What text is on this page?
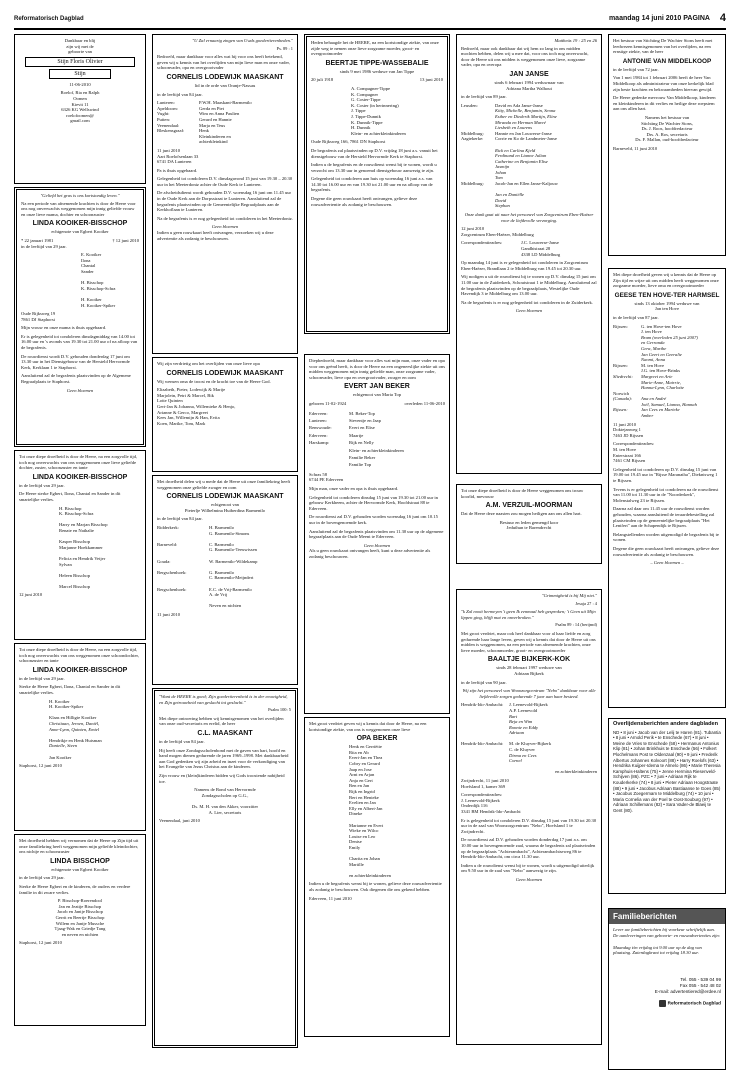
Reformatorisch Dagblad	maandag 14 juni 2010 PAGINA 4
Dankbaar en blij
zijn wij met de
geboorte van
Stijn Floris Olivier
Stijn
11-06-2010
Roelof, Ria en Ralph
Oomen
Kievit 11
6326 KG Wellswind
roelofoomen@
gmail.com
"Geliefd het gras is ons kortstondig leven."

Na een periode van afnemende krachten is door de Heere voor ons nog onverwachts weggenomen mijn innig geliefde vrouw en onze lieve mama, dochter en schoonzuster

LINDA KOOIKER-BISSCHOP
echtgenote van Egbert Kooiker
* 22 januari 1981	† 12 juni 2010

in de leeftijd van 29 jaar.

E. Kooiker
Ilona
Chantal
Sander

H. Bisschop
K. Bisschop-Schra

H. Kooiker
H. Kooiker-Spiker

Oude Rijksweg 19
7861 DJ Staphorst

Mijn vrouw en onze mama is thuis opgebaard.

Er is gelegenheid tot condoleren dinsdagmiddag van 14.00 tot 16.00 uur en 's avonds van 19.30 tot 21.00 uur of na afloop van de begrafenis.

De rouwdienst wordt D.V. gehouden donderdag 17 juni om 13.30 uur in het Dienstgebouw van de Hersteld Hervormde Kerk, Kerklaan 1 te Staphorst.

Aansluitend zal de begrafenis plaatsvinden op de Algemene Begraafplaats te Staphorst.

Geen bloemen

Tot onze diepe droefheid is door de Heere, na een zorgvolle tijd, toch nog onverwachts van ons weggenomen onze lieve geliefde dochter, zuster, schoonzuster en tante

LINDA KOOIKER-BISSCHOP

in de leeftijd van 29 jaar.

De Heere sterke Egbert, Ilona, Chantal en Sander in dit smartelijke verlies.

H. Bisschop
K. Bisschop-Schra

Harry en Marjan Bisschop
Renate en Nathalie

Kasper Bisschop
Marjanne Hoekkammer

Felicia en Hendrik Veijer
Sylvan

Heleen Bisschop

Marcel Bisschop
12 juni 2010

Tot onze diepe droefheid is door de Heere, na een zorgvolle tijd, toch nog onverwachts van ons weggenomen onze schoondochter, schoonzuster en tante

LINDA KOOIKER-BISSCHOP

in de leeftijd van 29 jaar.

Sterke de Heere Egbert, Ilona, Chantal en Sander in dit smartelijke verlies.

H. Kooiker
H. Kooiker-Spiker

Klaas en Hilligie Kooiker
Christiaan, Jeroen, Daniël,
Anne-Lynn, Quinten, Emiel

Hendrikje en Henk Huisman
Danielle, Steen

Jan Kooiker
Staphorst, 12 juni 2010

Met droefheid hebben wij vernomen dat de Heere op Zijn tijd uit onze familiekring heeft weggenomen mijn geliefde kleindochter, ons nichtje en schoonzuster

LINDA BISSCHOP
echtgenote van Egbert Kooiker

in de leeftijd van 29 jaar.

Sterke de Heere Egbert en de kinderen, de ouders en verdere familie in dit zware verlies.

P. Bisschop-Roerendool
Jan en Jeattje Bisschop
Jacob en Jantje Bisschop
Gerrit en Beertje Bisschop
Willem en Jantje Mussche
Tjaag-Wak en Griedje Tang
en neven en nichten
Staphorst, 12 juni 2010
"U Zal ernaarig zingen van Uwds goedertierenheden."
Ps. 89 : 1

Bedroefd, maar dankbaar voor alles wat hij voor ons heeft betekend, geven wij u kennis van het overlijden van mijn lieve man en onze vader, schoonvader, opa en overgrootvader

CORNELIS LODEWIJK MAASKANT
lid in de orde van Oranje-Nassau

in de leeftijd van 84 jaar.

Lunteren:	P.W.H. Maaskant-Barmentlo
Apeldoorn:	Gerda en Piet
Vught:	Wim en Anna Paulien
Putten:	Gerard en Hannie
Veenendaal:	Marja en Teus
Bleskensgraaf:	Henk
Kleinkinderen en
achterkleinkind

11 juni 2010
Aart Roelofsenlaan 33
6741 DA Lunteren

Pa is thuis opgebaard.

Gelegenheid tot condoleren D.V. dinsdagavond 15 juni van 19.30 – 20.30 uur in het Meeterdoniz achter de Oude Kerk te Lunteren.

De afscheidsdienst wordt gehouden D.V. woensdag 16 juni om 11.45 uur in de Oude Kerk aan de Dorpsstraat te Lunteren. Aansluitend zal de begrafenis plaatsvinden op de Gemeentelijke Begraafplaats aan de Kerkhoflaan te Lunteren.

Na de begrafenis is er nog gelegenheid tot condoleren in het Meeterdoniz.

Geen bloemen

Indien u geen rouwkaart heeft ontvangen, verzoeken wij u deze advertentie als zodanig te beschouwen.

Wij zijn verdrietig om het overlijden van onze lieve opa

CORNELIS LODEWIJK MAASKANT

Wij wensen oma de troost en de kracht toe van de Heere God.

Elizabeth, Pieter, Lodewijk & Marije
Marjolein, Petri & Marcel, Bik
Lotte Quinten
Gert-Jan & Johanna, Willemieke & Henjo,
Arianne & Gerco, Margreet
Kees Jan, Willemijn & Han, Evita
Koen, Marike, Tom, Mark

Met droefheid delen wij u mede dat de Heere uit onze familiekring heeft weggenomen onze geliefde zwager en oom

CORNELIS LODEWIJK MAASKANT
echtgenoot van
Pieterlje Wilhelmina Huiberdina Barmentlo

in de leeftijd van 84 jaar.

Ridderkerk:	H. Barmentlo
G. Barmentlo-Simons

Barneveld:	C. Barmentlo
G. Barmentlo-Teeuwissen

Gouda:	W. Barmentlo-Wildekamp

Bergschenhoek:	G. Barmentlo
C. Barmentlo-Meijndert

Bergschenhoek:	E.C. de Vrij-Barmentlo
A. de Vrij

Neven en nichten
11 juni 2010
"Want de HEERE is goed; Zijn goedertierenheid is in der eeuwigheid, en Zijn getrouwheid van geslacht tot geslacht."
Psalm 100: 5

Met diepe ontroering hebben wij kennisgenomen van het overlijden van onze oud-secretaris en erelid, de heer

C.L. MAASKANT

in de leeftijd van 84 jaar.

Hij heeft onze Zondagsscholenbond met de gaven van hart, hoofd en hand mogen dienen gedurende de jaren 1969–1998. Met dankbaarheid aan God gedenken wij zijn arbeid en inzet voor de verkondiging van het Evangelie van Jezus Christus aan de kinderen.

Zijn vrouw en (klein)kinderen bidden wij Gods troostende nabijheid toe.

Namens de Bond van Hervormde
Zondagsscholen op G.G.,

Ds. M. H. van den Akker, voorzitter
A. Lier, secretaris
Veenendaal, juni 2010

Heden behaagde het de HEERE, na een kortstondige ziekte, van onze zijde weg te nemen onze lieve zorgzame moeder, groot- en overgrootmoeder

BEERTJE TIPPE-WASSEBALIE
sinds 9 mei 1986 weduwe van Jan Tippe
20 juli 1918	13 juni 2010
A. Compagner-Tippe
K. Compagner
G. Coster-Tippe
K. Coster (in herinnering)
J. Tippe
J. Tippe-Dunnik
K. Dunnik-Tippe
H. Dunnik
Klein- en achterkleinkinderen

Oude Rijksweg 166, 7861 DN Staphorst

De begrafenis zal plaatsvinden op D.V. vrijdag 18 juni a.s. vanuit het dienstgebouw van de Hersteld Hervormde Kerk te Staphorst.

Indien u de begrafenis en de rouwdienst wenst bij te wonen, wordt u verzocht om 13.30 uur in genoemd dienstgebouw aanwezig te zijn.

Gelegenheid tot condoleren aan huis op woensdag 16 juni a.s. van 14.30 tot 16.00 uur en van 19.30 tot 21.00 uur en na afloop van de begrafenis.

Degene die geen rouwkaart heeft ontvangen, gelieve deze rouwadvertentie als zodanig te beschouwen.

Diepbedroefd, maar dankbaar voor alles wat mijn man, onze vader en opa voor ons geënd heeft, is door de Heere na een ongeneeslijke ziekte uit ons midden weggenomen mijn innig geliefde man, onze zorgzame vader, schoonvader, lieve opa en overgrootvader, zwager en oom

EVERT JAN BEKER
echtgenoot van Maria Top
geboren 11-02-1924	overleden 11-06-2010
Ederveen:	M. Beker-Top
Lunteren:	Steventje en Jaap
Renswoude:	Evert en Elise
Ederveen:	Maartje
Harskamp:	Rijk en Nelly
Klein- en achterkleinkinderen
Familie Beker
Familie Top

Schras 58
6744 PE Ederveen

Mijn man, onze vader en opa is thuis opgebaard.

Gelegenheid tot condoleren dinsdag 15 juni van 19.30 tot 21.00 uur in gebouw Kerkheem, achter de Hervormde Kerk, Hoofdstraat 88 te Ederveen.

De rouwdienst zal D.V. gehouden worden woensdag 16 juni om 10.15 uur in de bovengenoemde kerk.

Aansluitend zal de begrafenis plaatsvinden om 11.30 uur op de algemene begraafplaats aan de Oude Meent te Ederveen.

Geen bloemen

Als u geen rouwkaart ontvangen heeft, kunt u deze advertentie als zodanig beschouwen.

Met groot verdriet geven wij u kennis dat door de Heere, na een kortstondige ziekte, van ons is weggenomen onze lieve

OPA BEKER
Henk en Gerriëtte
Rita en Ab
Evert-Jan en Thea
Cobry en Gerard
Jaap en Jose
Arnt en Arjan
Anja en Gert
Ben en Jan
Rijk en Ingrid
Bert en Henieke
Evelien en Jan
Elly en Albert-Jan
Dineke

Marianne en Evert
Wieke en Wilco
Louise en Leo
Denise
Emily

Charita en Johan
Martille

en achterkleinkinderen

Indien u de begrafenis wenst bij te wonen, gelieve deze rouwadvertentie als zodanig te beschouwen. Ook diegenen die ons gekend hebben.

Ederveen, 11 juni 2010
Mattheüs 19 : 25 en 26

Bedroefd, maar ook dankbaar dat wij hem zo lang in ons midden mochten hebben, delen wij u mee dat, voor ons toch nog onverwacht, door de Heere uit ons midden is weggenomen onze lieve, zorgzame vader, opa en overopa

JAN JANSE
sinds 6 februari 1994 weduwnaar van
Adriana Martha Walhout

in de leeftijd van 89 jaar.

Leusden:	David en Ada Janse-Janse
Kitty, Michelle, Benjamin, Seona
Esther en Diederik Martijn, Eline
Miranda en Herman Mareé
Liesbeth en Lourens
Middelburg:	Hannie en Jan Louwerse-Janse
Aagtekerke:	Corrie en Ko de Landmeter-Janse

Rick en Carlina Kjeld
Ferdinand en Lianne Julian
Catherine en Benjamin Elise
Jasmijn
Johan
Tom
Middelburg:	Jacob-Jan en Ellen Janse-Kaljouw

Jan en Daniëlle
David
Stephan
Onze dank gaat uit naar het personeel van Zorgcentrum Eben-Haëzer voor de liefdevolle verzorging.

12 juni 2010
Zorgcentrum Eben-Haëzer, Middelburg

Correspondentieadres:	J.C. Louwerse-Janse
Gandhistraat 28
4338 LD Middelburg

Op maandag 14 juni is er gelegenheid tot condoleren in Zorgcentrum Eben-Haëzer, Brandlaan 2 te Middelburg van 19.45 tot 20.30 uur.

Wij nodigen u uit de rouwdienst bij te wonen op D.V. dinsdag 15 juni om 11.00 uur in de Zuiderkerk, Schoutstraat 1 te Middelburg. Aansluitend zal de begrafenis plaatsvinden op de begraafplaats, Westelijke Oude Havendijk 3 te Middelburg om 13.00 uur.

Na de begrafenis is er nog gelegenheid tot condoleren in de Zuiderkerk.

Geen bloemen

Tot onze diepe droefheid is door de Heere weggenomen ons trouw koorlid, mevrouw

A.M. VERZUIL-MOORMAN

Dat de Heere deze naasten zou mogen heiligen aan ons allen hart.

Bestuur en leden gemengd koor
Jeduthun te Barendrecht
"Grimmigheid is bij Mij niet."
Jesaja 27 : 4
"k Zal nooit hermeyen 't geen Ik eenmaal heb gesproken; 't Geen uit Mijn lippen ging, blijft mat en onverbroken."
Psalm 89 : 14 (berijmd)

Met groot verdriet, maar ook heel dankbaar voor al haar liefde en zorg gedurende haar lange leven, geven wij u kennis dat door de Heere uit ons midden is weggenomen, na een periode van afnemende krachten, onze lieve moeder, schoonmoeder, groot- en overgrootmoeder

BAALTJE BIJKERK-KOK
sinds 28 februari 1997 weduwe van
Adriaan Bijkerk

in de leeftijd van 90 jaar.

Wij zijn het personeel van Woonzorgcentrum "Nebo" dankbaar voor alle liefdevolle zorgen gedurende 7 jaar aan haar besteed.
Hendrik-Ido-Ambacht:	J. Leenevold-Bijkerk
A.P. Leenevold
Bart
Beja en Wim
Ronnie en Eddy
Adriaan

Hendrik-Ido-Ambacht:	M. de Kluyver-Bijkerk
C. de Kluyver
Dirma en Cees
Cornel

en achterkleinkinderen

Zwijndrecht, 11 juni 2010
Hoefsland 1, kamer 369

Correspondentieadres:
J. Leenevold-Bijkerk
Onderdijk 116
3341 BM Hendrik-Ido-Ambacht

Er is gelegenheid tot condoleren D.V. dinsdag 15 juni van 19.30 tot 20.30 uur in de zaal van Woonzorgcentrum "Nebo", Hoefsland 1 te Zwijndrecht.

De rouwdienst zal D.V. gehouden worden donderdag 17 juni a.s. om 10.00 uur in bovengenoemde zaal, waarna de begrafenis zal plaatsvinden op de begraafplaats "Achterambacht", Achterambachtseweg 86 te Hendrik-Ido-Ambacht, om circa 11.30 uur.

Indien u de rouwdienst wenst bij te wonen, wordt u uitgenodigd uiterlijk om 9.50 uur in de zaal van "Nebo" aanwezig te zijn.

Geen bloemen

Het bestuur van Stichting De Wachter Sions heeft met leedwezen kennisgenomen van het overlijden, na een ernstige ziekte, van de heer

ANTONIE VAN MIDDELKOOP

in de leeftijd van 72 jaar.

Van 1 mei 1984 tot 1 februari 2006 heeft de heer Van Middelkoop als administrateur van onze kerkelijk blad zijn beste krachten en bekwaamheden hiervan gewijd.

De Heere gedenke mevrouw Van Middelkoop, kinderen en kleinkinderen in dit verlies en heilige deze roepstem aan ons allen hart.

Namens het bestuur van
Stichting De Wachter Sions,
Ds. J. Roos, hoofdredacteur
Drs. A. Ros, secretaris
Ds. F. Mallan, oud-hoofdredacteur
Barneveld, 11 juni 2010

Met diepe droefheid geven wij u kennis dat de Heere op Zijn tijd en wijze uit ons midden heeft weggenomen onze zorgzame moeder, lieve oma en overgrootmoeder

GEESE TEN HOVE-TER HARMSEL
sinds 13 oktober 1994 weduwe van
Jan ten Hove

in de leeftijd van 87 jaar.

Rijssen:	G. ten Hove-ten Hove
J. ten Hove
Bram (overleden 25 juni 2007)
en Gerranda
Gera, Marthe
Jan Geert en Geeralie
Naomi, Anna
Rijssen:	M. ten Hove
J.G. ten Hove-Brinks
Sliedrecht:	Margreet en Arie
Marie-Anne, Mairrie,
Hanna-Lynn, Charlotte
Norwich
(Canada):	Ana en André
Joël, Samuel, Lianna, Hannah
Rijssen:	Jan Cees en Marieke
Amber

11 juni 2010
Doktejanweg 1
7463 JD Rijssen

Correspondentieadres:
M. ten Hove
Enterstraat 166
7461 CM Rijssen

Gelegenheid tot condoleren op D.V. dinsdag 15 juni van 19.00 tot 19.45 uur in "Rijsse Maranatha", Dieknisweg 1 te Rijssen.

Tevens is er gelegenheid tot condoleren na de rouwdienst van 11.00 tot 11.30 uur in de "Noorderkerk", Molenstalweg 23 te Rijssen.

Daarna zal daar om 11.45 uur de rouwdienst worden gehouden, waarna aansluitend de teraardebestelling zal plaatsvinden op de gemeentelijke begraafplaats "Het Lentfert" aan de Schapendijk te Rijssen.

Belangstellenden worden uitgenodigd de begrafenis bij te wonen.

Degene die geen rouwkaart heeft ontvangen, gelieve deze rouwadvertentie als zodanig te beschouwen.

– Geen bloemen –
Overlijdensberichten andere dagbladen
ND • 8 juni • Jacob van der Lelij te Haren (81). Tubantia • 8 juni • Arnold Perik • te Enschede (67) • 8 juni • Meine de Vries te Enschede (58) • Hermanus Antonius Klip (81) • Johan Brinkhuis te Enschede (56) • Folkert Plochelmans Post te Oldenzaal (90) • 9 juni • Frederik Albertus Johannes Kolvoort (88) • Harry Roelofs (63) • Hendrika Kuijper-Idema te Almelo (86) • Marie Theresia Kamphuis-Haltens (75) • Jenne Hermina Riesenveld-Schijven (86). PZC • 7 juni • Adriaan Rijk te Kouderkerke (74) • 8 juni • Pieter Adriaan Hoogstraate (88) • 9 juni • Jacobus Adriaan Bastiaanse te Goes (85) • Jacobus Zoegermam te Middelburg (74) • 10 juni • Maria Cornelia van der Poel te Oost-Souburg (97) • Adriaan Schillemans (82) • Sara Vader-de Blaeij te Gent (80).
Familieberichten
Lever uw familieberichten bij voorkeur schriftelijk aan. De aanleveringen van geboorte- en rouwadvertenties zijn:
Maandag t/m vrijdag tot 9.00 uur op de dag van plaatsing. Zaterdagkrant tot vrijdag 18.30 uur.
Tel. 055 - 539 04 99
Fax 055 - 542 48 02
E-mail: advertentiered@erdee.nl
Reformatorisch Dagblad
